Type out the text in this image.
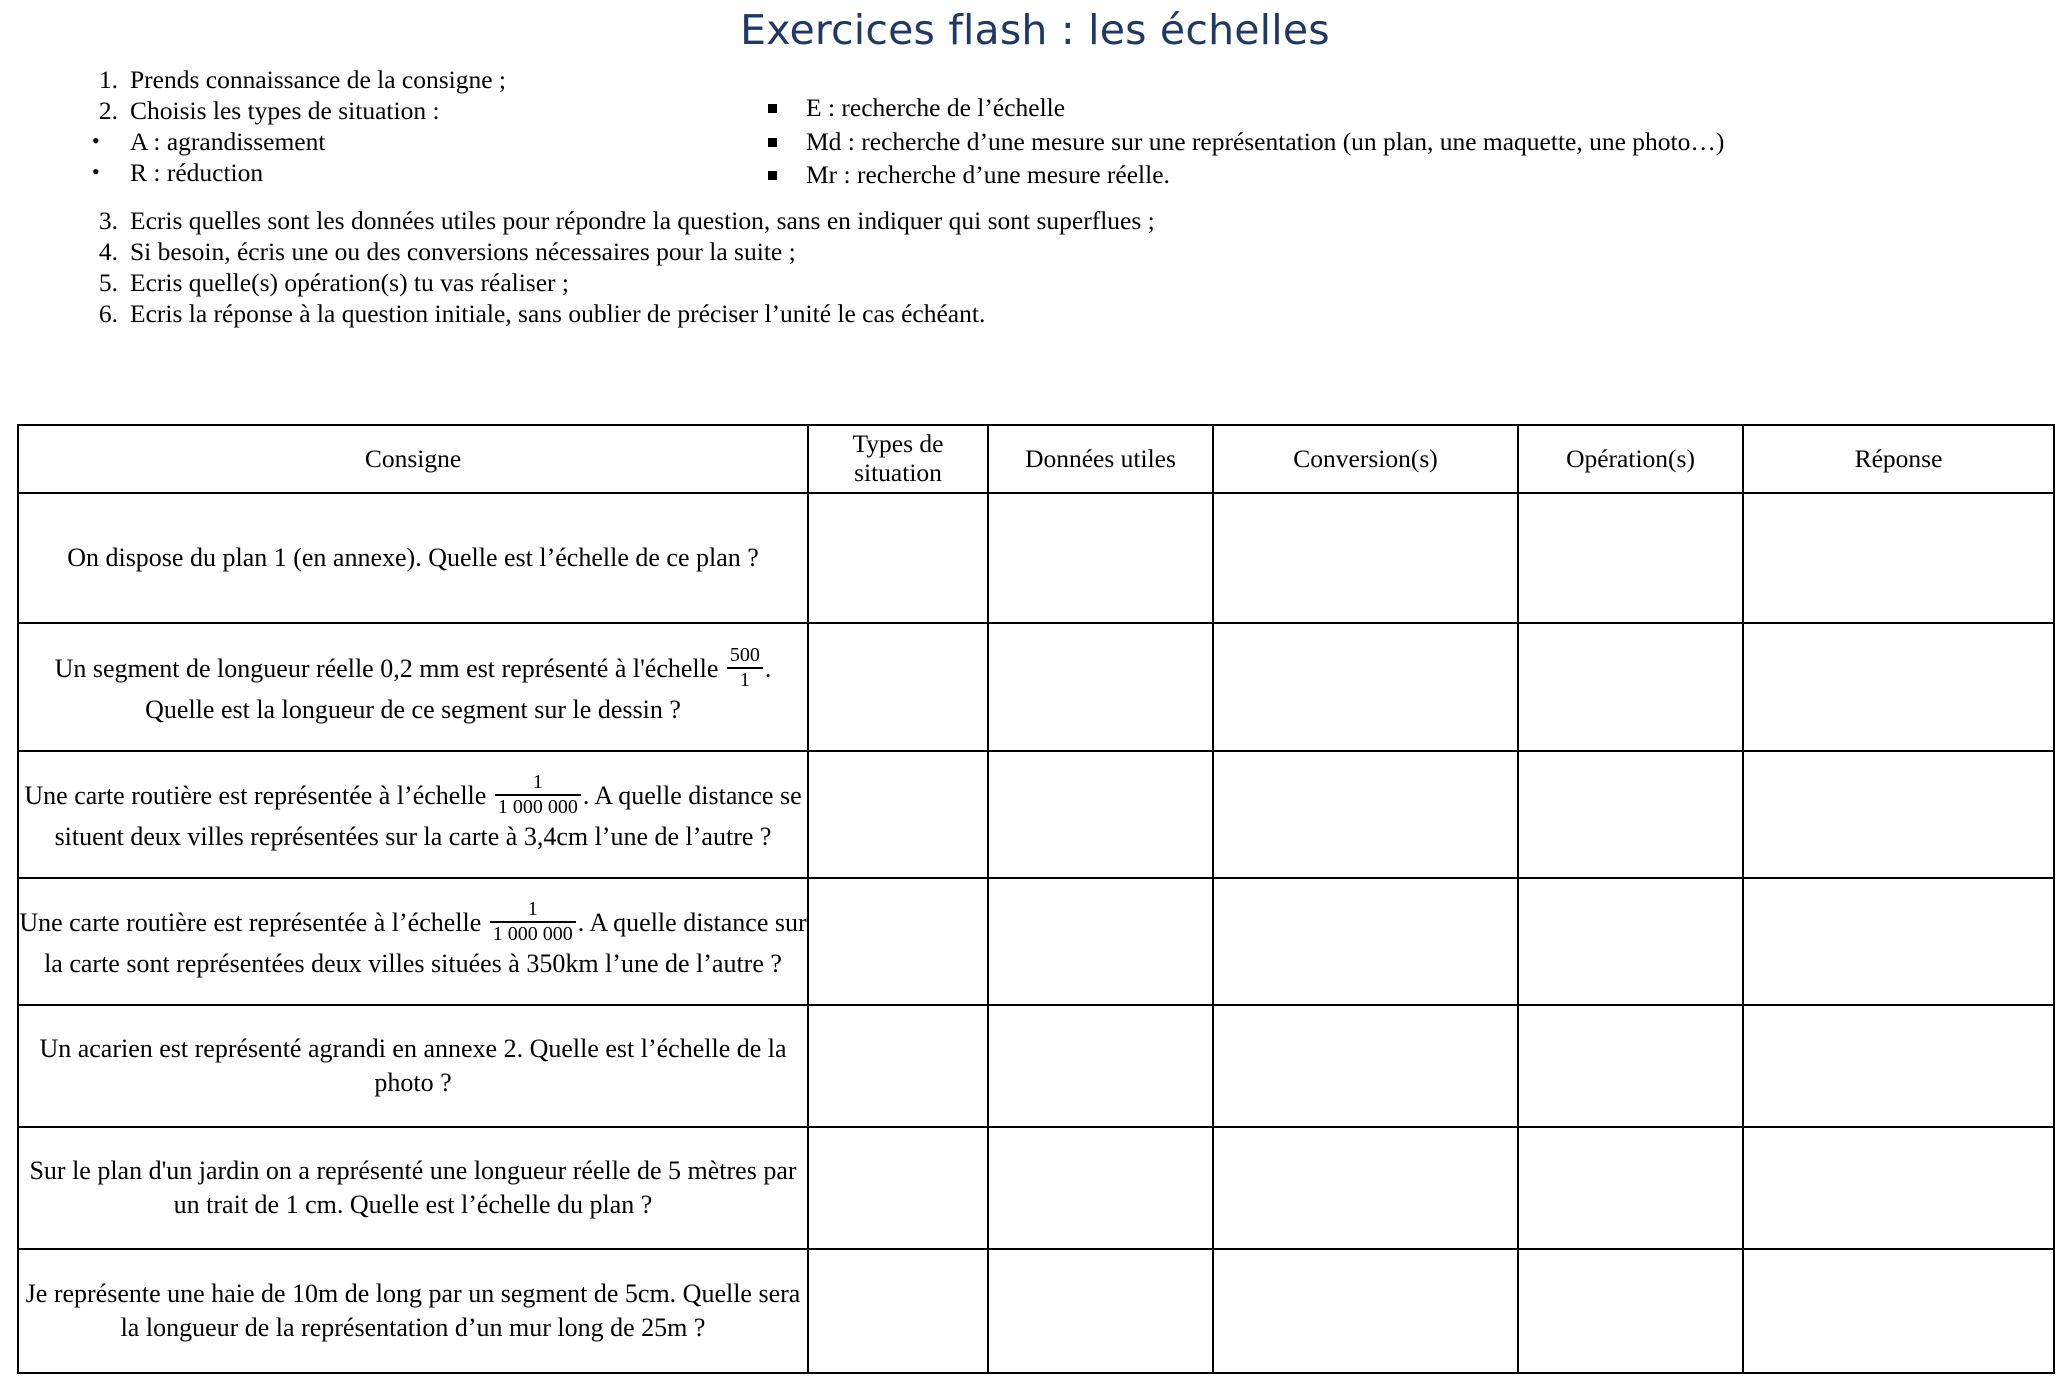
Exercices flash : les échelles
1. Prends connaissance de la consigne ;
2. Choisis les types de situation :
• A : agrandissement
• R : réduction
E : recherche de l’échelle
Md : recherche d’une mesure sur une représentation (un plan, une maquette, une photo…)
Mr : recherche d’une mesure réelle.
3. Ecris quelles sont les données utiles pour répondre la question, sans en indiquer qui sont superflues ;
4. Si besoin, écris une ou des conversions nécessaires pour la suite ;
5. Ecris quelle(s) opération(s) tu vas réaliser ;
6. Ecris la réponse à la question initiale, sans oublier de préciser l’unité le cas échéant.
Consigne	Types de situation	Données utiles	Conversion(s)	Opération(s)	Réponse
On dispose du plan 1 (en annexe). Quelle est l’échelle de ce plan ?					
Un segment de longueur réelle 0,2 mm est représenté à l'échelle $\frac{500}{1}$ . Quelle est la longueur de ce segment sur le dessin ?					
Une carte routière est représentée à l’échelle $\frac{1}{1 000 000}$ . A quelle distance se situent deux villes représentées sur la carte à 3,4cm l’une de l’autre ?					
Une carte routière est représentée à l’échelle $\frac{1}{1 000 000}$ . A quelle distance sur la carte sont représentées deux villes situées à 350km l’une de l’autre ?					
Un acarien est représenté agrandi en annexe 2. Quelle est l’échelle de la photo ?					
Sur le plan d'un jardin on a représenté une longueur réelle de 5 mètres par un trait de 1 cm. Quelle est l’échelle du plan ?					
Je représente une haie de 10m de long par un segment de 5cm. Quelle sera la longueur de la représentation d’un mur long de 25m ?					
